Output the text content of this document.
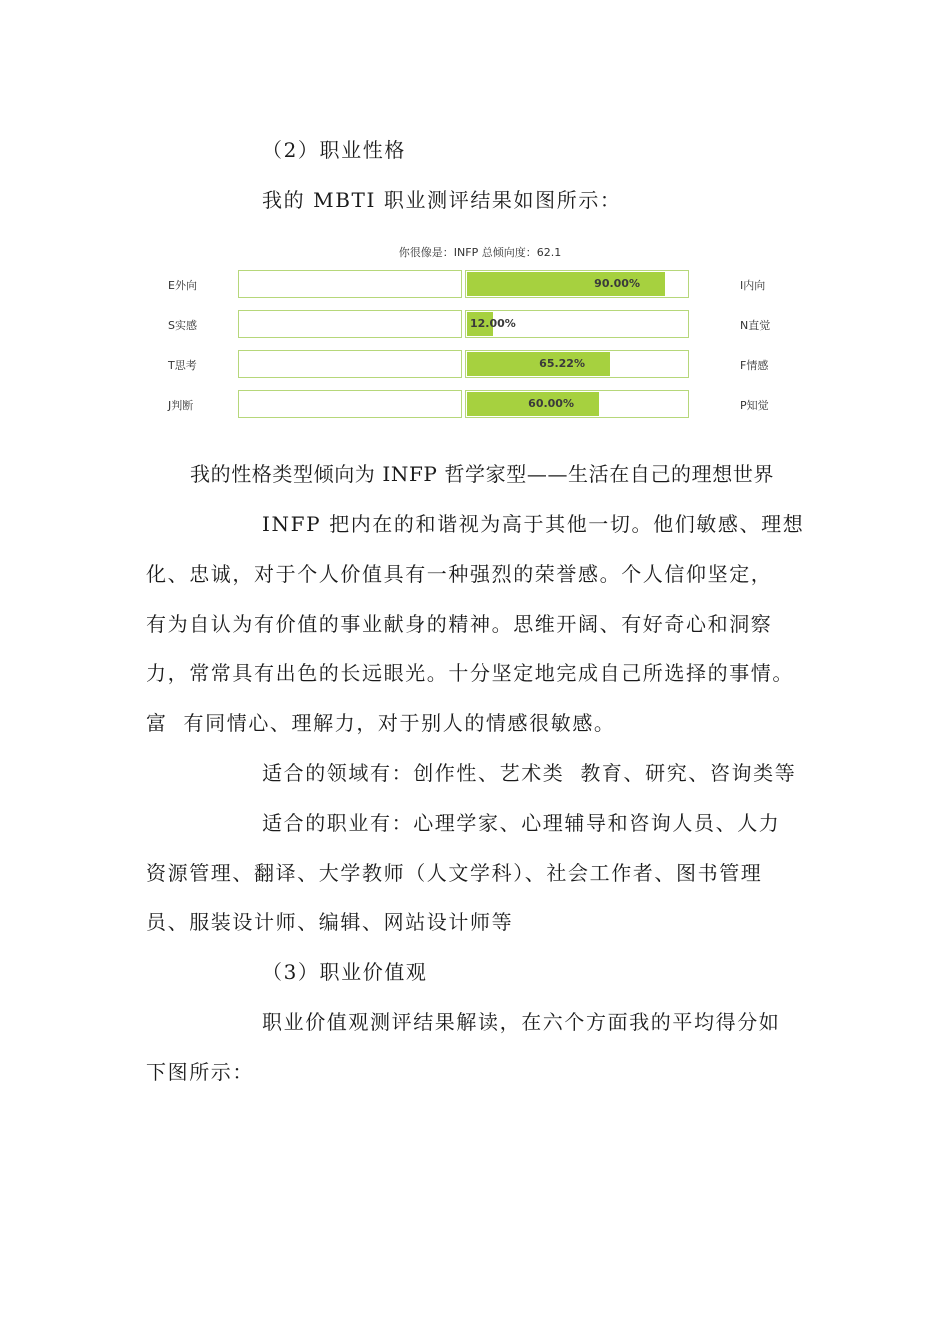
（2）职业性格
我的 MBTI 职业测评结果如图所示：
你很像是：INFP 总倾向度：62.1
E外向	90.00%	I内向
S实感	12.00%	N直觉
T思考	65.22%	F情感
J判断	60.00%	P知觉
我的性格类型倾向为 INFP 哲学家型——生活在自己的理想世界
INFP 把内在的和谐视为高于其他一切。他们敏感、理想
化、忠诚，对于个人价值具有一种强烈的荣誉感。个人信仰坚定，
有为自认为有价值的事业献身的精神。思维开阔、有好奇心和洞察
力，常常具有出色的长远眼光。十分坚定地完成自己所选择的事情。
富  有同情心、理解力，对于别人的情感很敏感。
适合的领域有：创作性、艺术类  教育、研究、咨询类等
适合的职业有：心理学家、心理辅导和咨询人员、人力
资源管理、翻译、大学教师（人文学科）、社会工作者、图书管理
员、服装设计师、编辑、网站设计师等
（3）职业价值观
职业价值观测评结果解读，在六个方面我的平均得分如
下图所示：
